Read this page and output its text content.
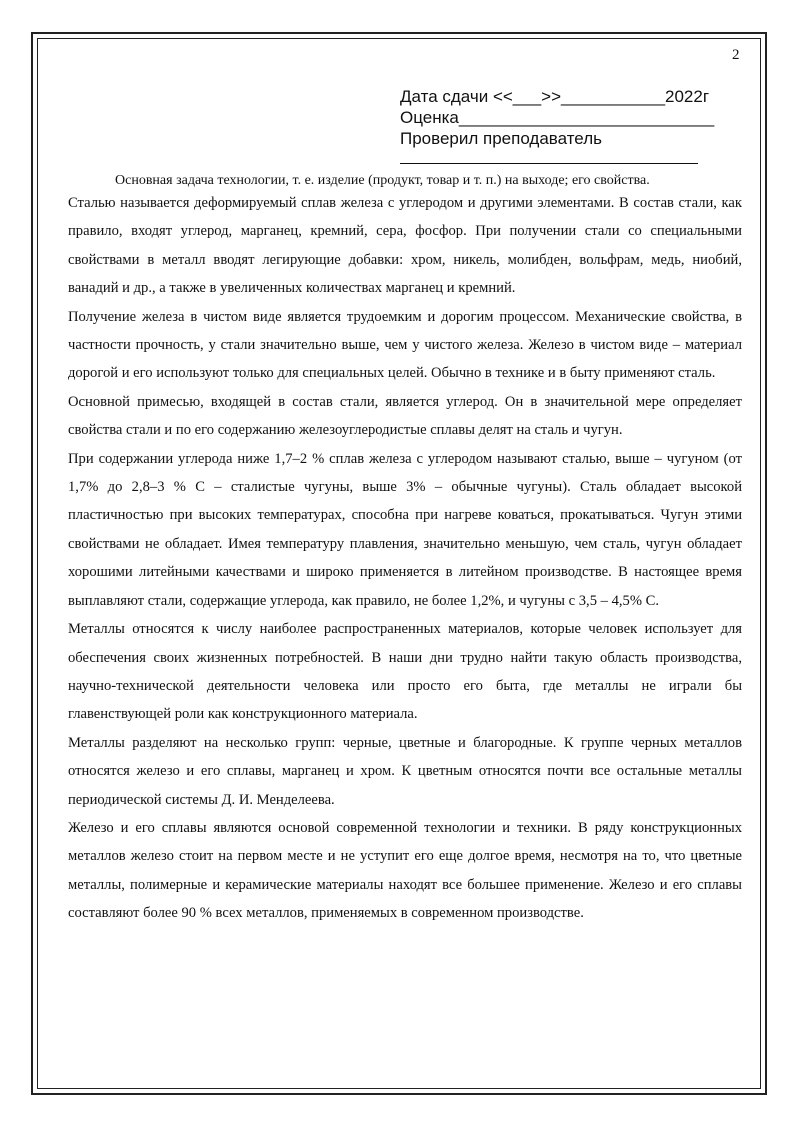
2
Дата сдачи <<___>>___________2022г
Оценка___________________________
Проверил преподаватель
Основная задача технологии, т. е. изделие (продукт, товар и т. п.) на выходе; его свойства.

Сталью называется деформируемый сплав железа с углеродом и другими элементами. В состав стали, как правило, входят углерод, марганец, кремний, сера, фосфор. При получении стали со специальными свойствами в металл вводят легирующие добавки: хром, никель, молибден, вольфрам, медь, ниобий, ванадий и др., а также в увеличенных количествах марганец и кремний.

Получение железа в чистом виде является трудоемким и дорогим процессом. Механические свойства, в частности прочность, у стали значительно выше, чем у чистого железа. Железо в чистом виде – материал дорогой и его используют только для специальных целей. Обычно в технике и в быту применяют сталь.

Основной примесью, входящей в состав стали, является углерод. Он в значительной мере определяет свойства стали и по его содержанию железоуглеродистые сплавы делят на сталь и чугун.

При содержании углерода ниже 1,7–2 % сплав железа с углеродом называют сталью, выше – чугуном (от 1,7% до 2,8–3 % С – сталистые чугуны, выше 3% – обычные чугуны). Сталь обладает высокой пластичностью при высоких температурах, способна при нагреве коваться, прокатываться. Чугун этими свойствами не обладает. Имея температуру плавления, значительно меньшую, чем сталь, чугун обладает хорошими литейными качествами и широко применяется в литейном производстве. В настоящее время выплавляют стали, содержащие углерода, как правило, не более 1,2%, и чугуны с 3,5 – 4,5% С.

Металлы относятся к числу наиболее распространенных материалов, которые человек использует для обеспечения своих жизненных потребностей. В наши дни трудно найти такую область производства, научно-технической деятельности человека или просто его быта, где металлы не играли бы главенствующей роли как конструкционного материала.

Металлы разделяют на несколько групп: черные, цветные и благородные. К группе черных металлов относятся железо и его сплавы, марганец и хром. К цветным относятся почти все остальные металлы периодической системы Д. И. Менделеева.

Железо и его сплавы являются основой современной технологии и техники. В ряду конструкционных металлов железо стоит на первом месте и не уступит его еще долгое время, несмотря на то, что цветные металлы, полимерные и керамические материалы находят все большее применение. Железо и его сплавы составляют более 90 % всех металлов, применяемых в современном производстве.
